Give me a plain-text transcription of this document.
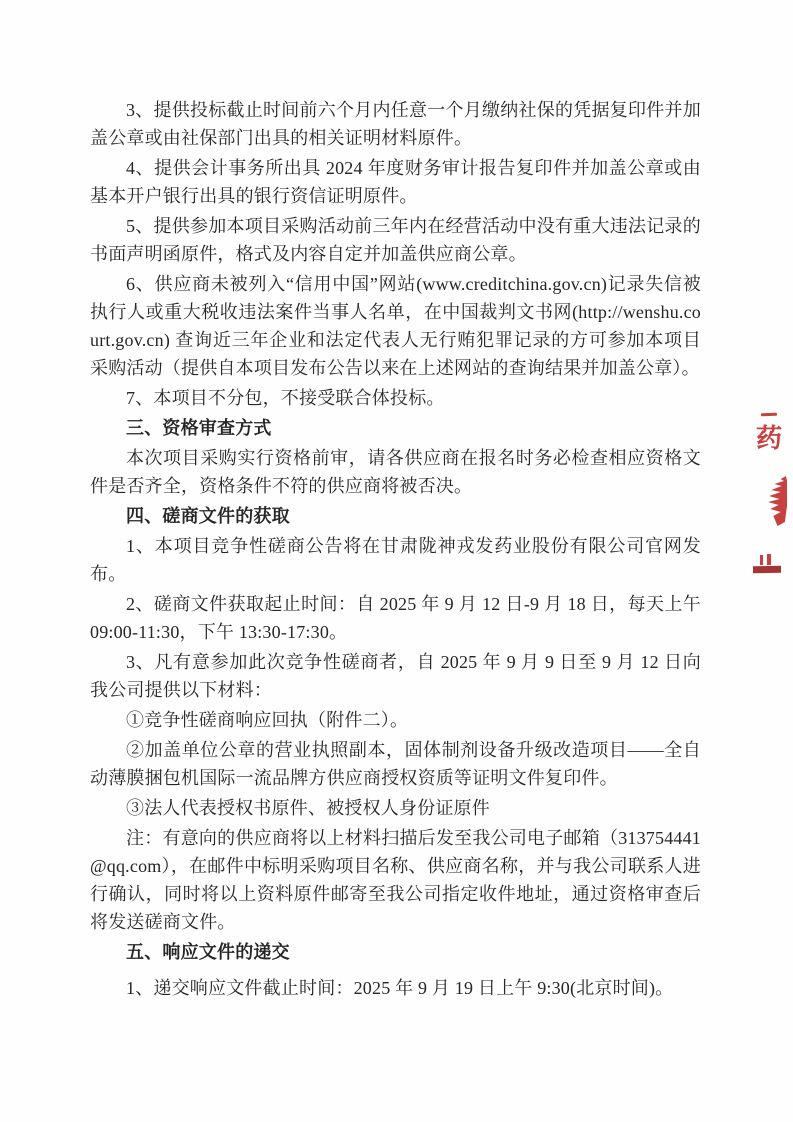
3、提供投标截止时间前六个月内任意一个月缴纳社保的凭据复印件并加盖公章或由社保部门出具的相关证明材料原件。

4、提供会计事务所出具 2024 年度财务审计报告复印件并加盖公章或由基本开户银行出具的银行资信证明原件。

5、提供参加本项目采购活动前三年内在经营活动中没有重大违法记录的书面声明函原件，格式及内容自定并加盖供应商公章。

6、供应商未被列入“信用中国”网站(www.creditchina.gov.cn)记录失信被执行人或重大税收违法案件当事人名单，在中国裁判文书网(http://wenshu.court.gov.cn) 查询近三年企业和法定代表人无行贿犯罪记录的方可参加本项目采购活动（提供自本项目发布公告以来在上述网站的查询结果并加盖公章）。

7、本项目不分包，不接受联合体投标。

三、资格审查方式

本次项目采购实行资格前审，请各供应商在报名时务必检查相应资格文件是否齐全，资格条件不符的供应商将被否决。

四、磋商文件的获取

1、本项目竞争性磋商公告将在甘肃陇神戎发药业股份有限公司官网发布。

2、磋商文件获取起止时间：自 2025 年 9 月 12 日-9 月 18 日，每天上午 09:00-11:30，下午 13:30-17:30。

3、凡有意参加此次竞争性磋商者，自 2025 年 9 月 9 日至 9 月 12 日向我公司提供以下材料：

①竞争性磋商响应回执（附件二）。

②加盖单位公章的营业执照副本，固体制剂设备升级改造项目——全自动薄膜捆包机国际一流品牌方供应商授权资质等证明文件复印件。

③法人代表授权书原件、被授权人身份证原件

注：有意向的供应商将以上材料扫描后发至我公司电子邮箱（313754441@qq.com），在邮件中标明采购项目名称、供应商名称，并与我公司联系人进行确认，同时将以上资料原件邮寄至我公司指定收件地址，通过资格审查后将发送磋商文件。

五、响应文件的递交

1、递交响应文件截止时间：2025 年 9 月 19 日上午 9:30(北京时间)。

药
